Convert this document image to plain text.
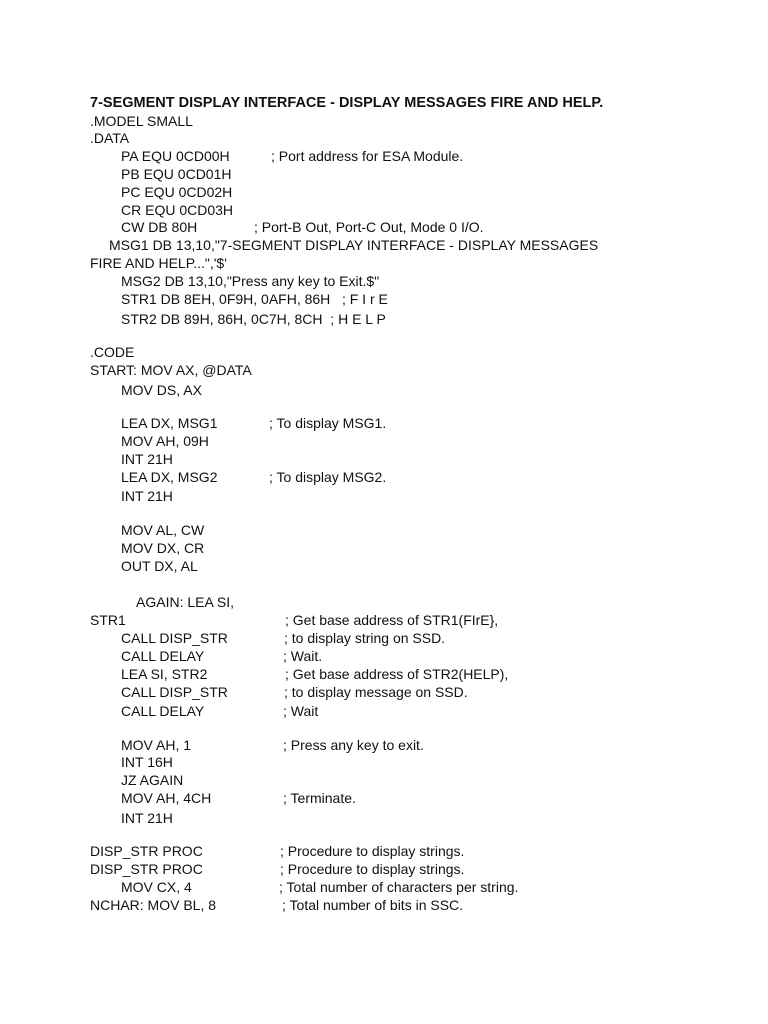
7-SEGMENT DISPLAY INTERFACE - DISPLAY MESSAGES FIRE AND HELP.
.MODEL SMALL
.DATA
PA EQU 0CD00H	; Port address for ESA Module.
PB EQU 0CD01H
PC EQU 0CD02H
CR EQU 0CD03H
CW DB 80H	; Port-B Out, Port-C Out, Mode 0 I/O.
MSG1 DB 13,10,"7-SEGMENT DISPLAY INTERFACE - DISPLAY MESSAGES
FIRE AND HELP...",'$'
MSG2 DB 13,10,"Press any key to Exit.$"
STR1 DB 8EH, 0F9H, 0AFH, 86H   ; F I r E
STR2 DB 89H, 86H, 0C7H, 8CH  ; H E L P
.CODE
START: MOV AX, @DATA
MOV DS, AX
LEA DX, MSG1	; To display MSG1.
MOV AH, 09H
INT 21H
LEA DX, MSG2	; To display MSG2.
INT 21H
MOV AL, CW
MOV DX, CR
OUT DX, AL
AGAIN: LEA SI,
STR1	; Get base address of STR1(FIrE},
CALL DISP_STR	; to display string on SSD.
CALL DELAY	; Wait.
LEA SI, STR2	; Get base address of STR2(HELP),
CALL DISP_STR	; to display message on SSD.
CALL DELAY	; Wait
MOV AH, 1	; Press any key to exit.
INT 16H
JZ AGAIN
MOV AH, 4CH	; Terminate.
INT 21H
DISP_STR PROC	; Procedure to display strings.
DISP_STR PROC	; Procedure to display strings.
MOV CX, 4	; Total number of characters per string.
NCHAR: MOV BL, 8	; Total number of bits in SSC.
